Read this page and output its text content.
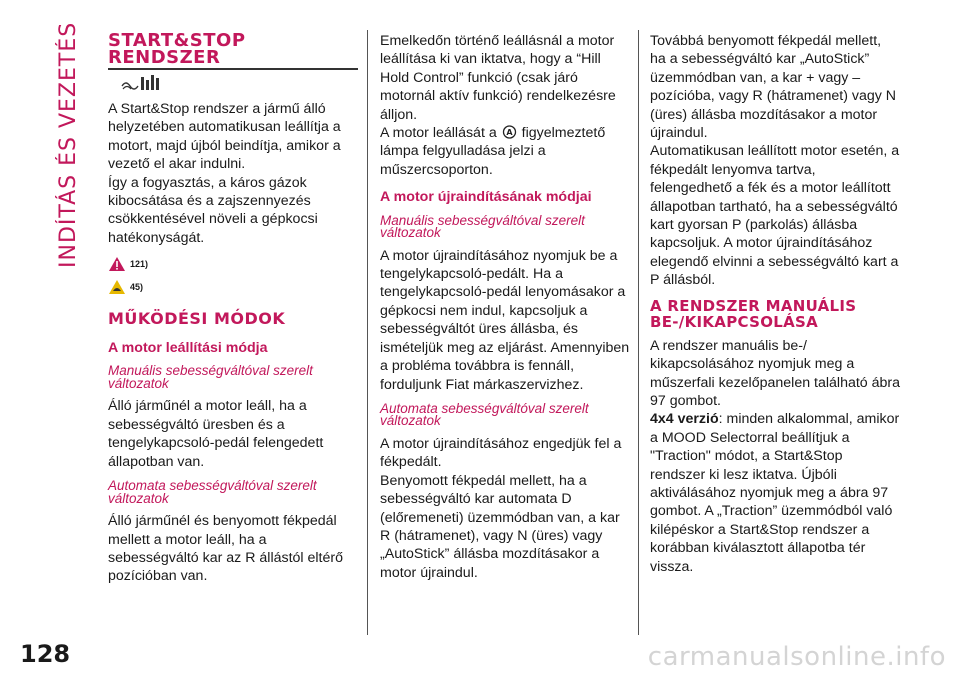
INDÍTÁS ÉS VEZETÉS
128	carmanualsonline.info

START&STOP

RENDSZER

A Start&Stop rendszer a jármű álló helyzetében automatikusan leállítja a motort, majd újból beindítja, amikor a vezető el akar indulni.

Így a fogyasztás, a káros gázok kibocsátása és a zajszennyezés csökkentésével növeli a gépkocsi hatékonyságát.

121)
45)

MŰKÖDÉSI MÓDOK

A motor leállítási módja

Manuális sebességváltóval szerelt változatok

Álló járműnél a motor leáll, ha a sebességváltó üresben és a tengelykapcsoló-pedál felengedett állapotban van.

Automata sebességváltóval szerelt változatok

Álló járműnél és benyomott fékpedál mellett a motor leáll, ha a sebességváltó kar az R állástól eltérő pozícióban van.

Emelkedőn történő leállásnál a motor leállítása ki van iktatva, hogy a “Hill Hold Control” funkció (csak járó motornál aktív funkció) rendelkezésre álljon.

A motor leállását a A figyelmeztető lámpa felgyulladása jelzi a műszercsoporton.

A motor újraindításának módjai

Manuális sebességváltóval szerelt változatok

A motor újraindításához nyomjuk be a tengelykapcsoló-pedált. Ha a tengelykapcsoló-pedál lenyomásakor a gépkocsi nem indul, kapcsoljuk a sebességváltót üres állásba, és ismételjük meg az eljárást. Amennyiben a probléma továbbra is fennáll, forduljunk Fiat márkaszervizhez.

Automata sebességváltóval szerelt változatok

A motor újraindításához engedjük fel a fékpedált.

Benyomott fékpedál mellett, ha a sebességváltó kar automata D (előremeneti) üzemmódban van, a kar R (hátramenet), vagy N (üres) vagy „AutoStick” állásba mozdításakor a motor újraindul.

Továbbá benyomott fékpedál mellett, ha a sebességváltó kar „AutoStick” üzemmódban van, a kar + vagy – pozícióba, vagy R (hátramenet) vagy N (üres) állásba mozdításakor a motor újraindul.

Automatikusan leállított motor esetén, a fékpedált lenyomva tartva, felengedhető a fék és a motor leállított állapotban tartható, ha a sebességváltó kart gyorsan P (parkolás) állásba kapcsoljuk. A motor újraindításához elegendő elvinni a sebességváltó kart a P állásból.

A RENDSZER MANUÁLIS

BE-/KIKAPCSOLÁSA

A rendszer manuális be-/ kikapcsolásához nyomjuk meg a műszerfali kezelőpanelen található ábra 97 gombot.

4x4 verzió: minden alkalommal, amikor a MOOD Selectorral beállítjuk a "Traction" módot, a Start&Stop rendszer ki lesz iktatva. Újbóli aktiválásához nyomjuk meg a ábra 97 gombot. A „Traction” üzemmódból való kilépéskor a Start&Stop rendszer a korábban kiválasztott állapotba tér vissza.
